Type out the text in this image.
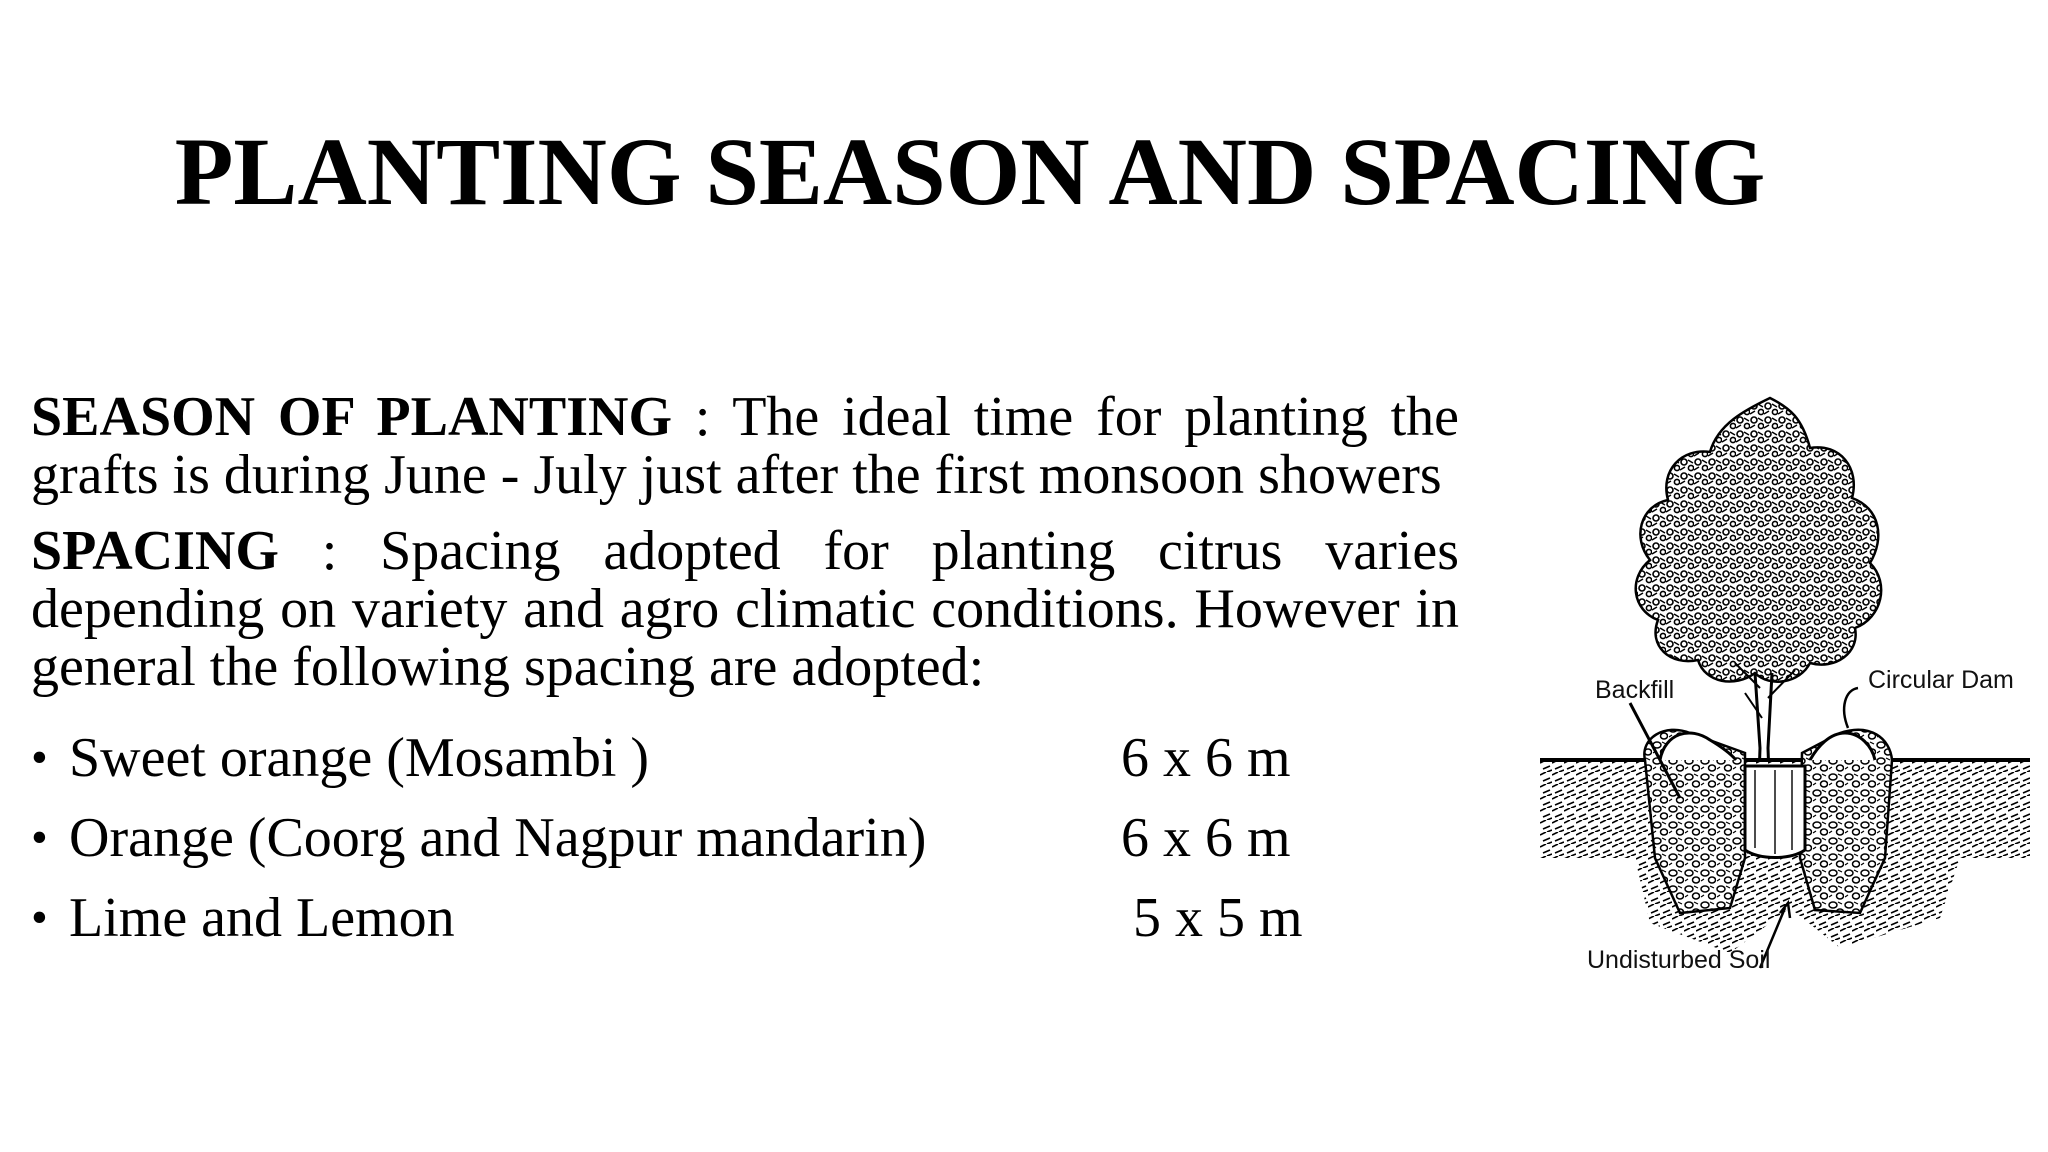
PLANTING SEASON AND SPACING

SEASON OF PLANTING : The ideal time for planting the grafts is during June - July just after the first monsoon showers

SPACING : Spacing adopted for planting citrus varies depending on variety and agro climatic conditions. However in general the following spacing are adopted:

• Sweet orange (Mosambi )	6 x 6 m
• Orange (Coorg and Nagpur mandarin)	6 x 6 m
• Lime and Lemon	5 x 5 m
Backfill	Circular Dam
Undisturbed Soil
